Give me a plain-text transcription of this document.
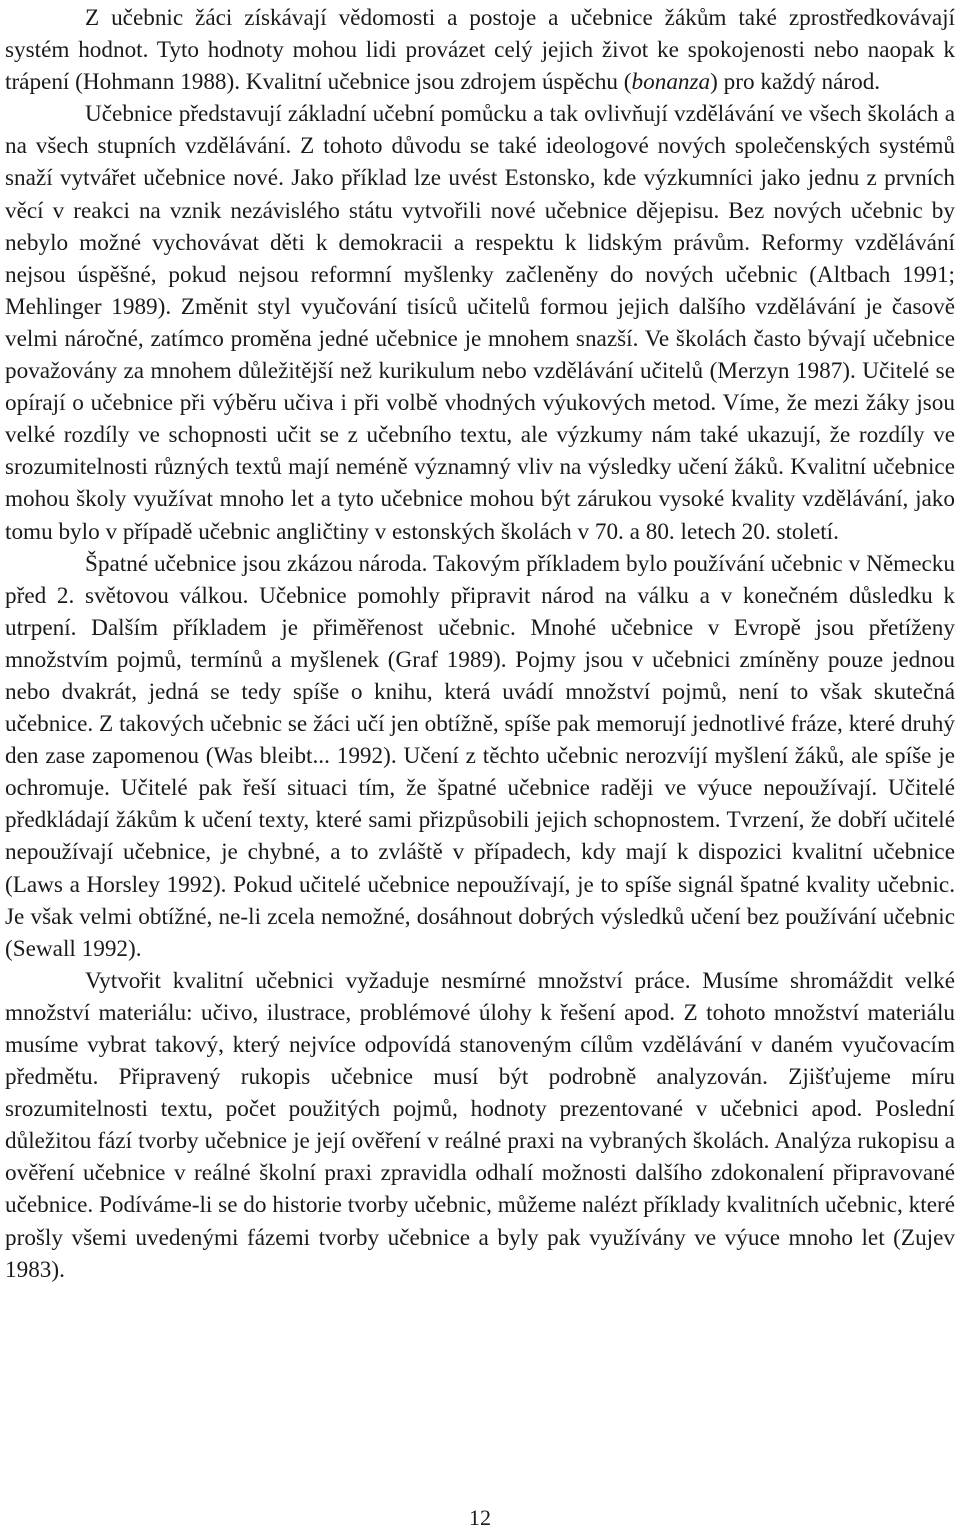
Z učebnic žáci získávají vědomosti a postoje a učebnice žákům také zprostředkovávají systém hodnot. Tyto hodnoty mohou lidi provázet celý jejich život ke spokojenosti nebo naopak k trápení (Hohmann 1988). Kvalitní učebnice jsou zdrojem úspěchu (bonanza) pro každý národ.

Učebnice představují základní učební pomůcku a tak ovlivňují vzdělávání ve všech školách a na všech stupních vzdělávání. Z tohoto důvodu se také ideologové nových společenských systémů snaží vytvářet učebnice nové. Jako příklad lze uvést Estonsko, kde výzkumníci jako jednu z prvních věcí v reakci na vznik nezávislého státu vytvořili nové učebnice dějepisu. Bez nových učebnic by nebylo možné vychovávat děti k demokracii a respektu k lidským právům. Reformy vzdělávání nejsou úspěšné, pokud nejsou reformní myšlenky začleněny do nových učebnic (Altbach 1991; Mehlinger 1989). Změnit styl vyučování tisíců učitelů formou jejich dalšího vzdělávání je časově velmi náročné, zatímco proměna jedné učebnice je mnohem snazší. Ve školách často bývají učebnice považovány za mnohem důležitější než kurikulum nebo vzdělávání učitelů (Merzyn 1987). Učitelé se opírají o učebnice při výběru učiva i při volbě vhodných výukových metod. Víme, že mezi žáky jsou velké rozdíly ve schopnosti učit se z učebního textu, ale výzkumy nám také ukazují, že rozdíly ve srozumitelnosti různých textů mají neméně významný vliv na výsledky učení žáků. Kvalitní učebnice mohou školy využívat mnoho let a tyto učebnice mohou být zárukou vysoké kvality vzdělávání, jako tomu bylo v případě učebnic angličtiny v estonských školách v 70. a 80. letech 20. století.

Špatné učebnice jsou zkázou národa. Takovým příkladem bylo používání učebnic v Německu před 2. světovou válkou. Učebnice pomohly připravit národ na válku a v konečném důsledku k utrpení. Dalším příkladem je přiměřenost učebnic. Mnohé učebnice v Evropě jsou přetíženy množstvím pojmů, termínů a myšlenek (Graf 1989). Pojmy jsou v učebnici zmíněny pouze jednou nebo dvakrát, jedná se tedy spíše o knihu, která uvádí množství pojmů, není to však skutečná učebnice. Z takových učebnic se žáci učí jen obtížně, spíše pak memorují jednotlivé fráze, které druhý den zase zapomenou (Was bleibt... 1992). Učení z těchto učebnic nerozvíjí myšlení žáků, ale spíše je ochromuje. Učitelé pak řeší situaci tím, že špatné učebnice raději ve výuce nepoužívají. Učitelé předkládají žákům k učení texty, které sami přizpůsobili jejich schopnostem. Tvrzení, že dobří učitelé nepoužívají učebnice, je chybné, a to zvláště v případech, kdy mají k dispozici kvalitní učebnice (Laws a Horsley 1992). Pokud učitelé učebnice nepoužívají, je to spíše signál špatné kvality učebnic. Je však velmi obtížné, ne-li zcela nemožné, dosáhnout dobrých výsledků učení bez používání učebnic (Sewall 1992).

Vytvořit kvalitní učebnici vyžaduje nesmírné množství práce. Musíme shromáždit velké množství materiálu: učivo, ilustrace, problémové úlohy k řešení apod. Z tohoto množství materiálu musíme vybrat takový, který nejvíce odpovídá stanoveným cílům vzdělávání v daném vyučovacím předmětu. Připravený rukopis učebnice musí být podrobně analyzován. Zjišťujeme míru srozumitelnosti textu, počet použitých pojmů, hodnoty prezentované v učebnici apod. Poslední důležitou fází tvorby učebnice je její ověření v reálné praxi na vybraných školách. Analýza rukopisu a ověření učebnice v reálné školní praxi zpravidla odhalí možnosti dalšího zdokonalení připravované učebnice. Podíváme-li se do historie tvorby učebnic, můžeme nalézt příklady kvalitních učebnic, které prošly všemi uvedenými fázemi tvorby učebnice a byly pak využívány ve výuce mnoho let (Zujev 1983).

12
